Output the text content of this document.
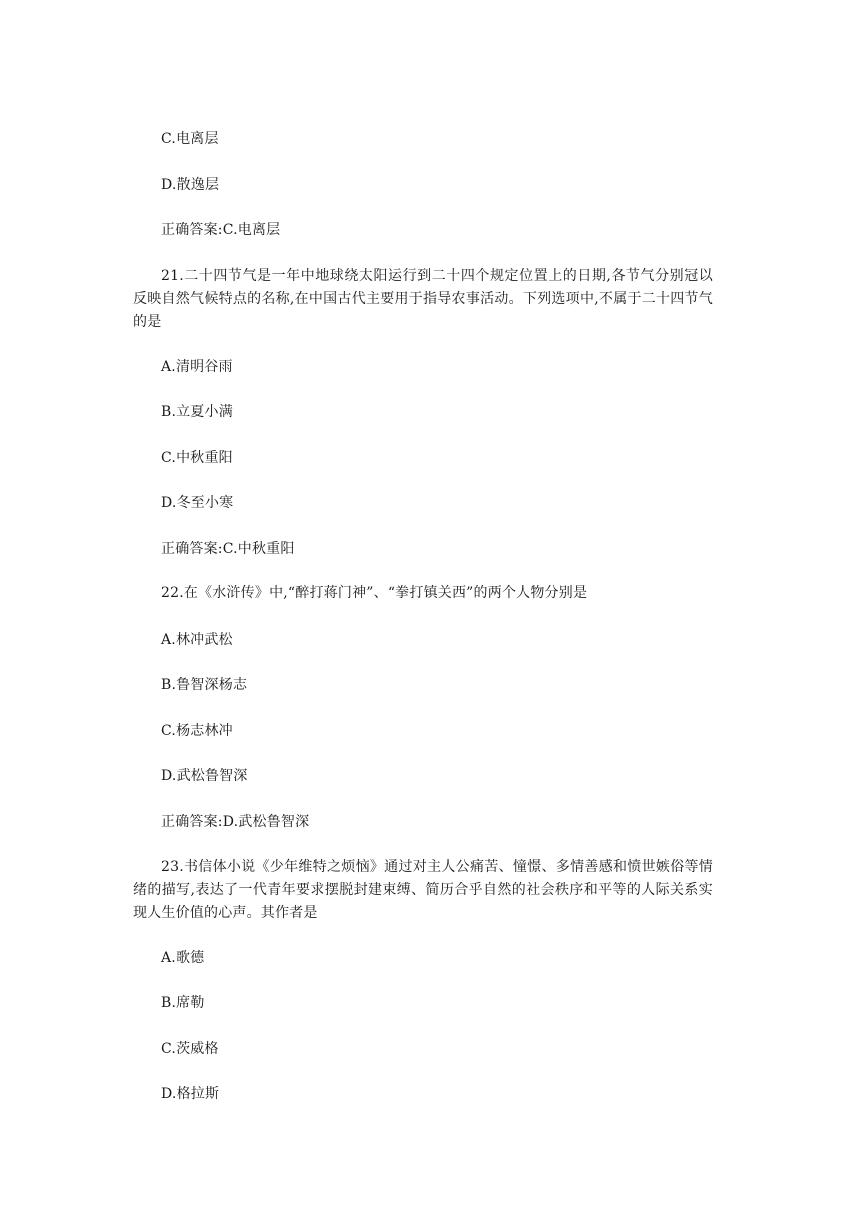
C.电离层
D.散逸层
正确答案:C.电离层

21.二十四节气是一年中地球绕太阳运行到二十四个规定位置上的日期,各节气分别冠以反映自然气候特点的名称,在中国古代主要用于指导农事活动。下列选项中,不属于二十四节气的是

A.清明谷雨
B.立夏小满
C.中秋重阳
D.冬至小寒
正确答案:C.中秋重阳

22.在《水浒传》中,“醉打蒋门神”、“拳打镇关西”的两个人物分别是

A.林冲武松
B.鲁智深杨志
C.杨志林冲
D.武松鲁智深
正确答案:D.武松鲁智深

23.书信体小说《少年维特之烦恼》通过对主人公痛苦、憧憬、多情善感和愤世嫉俗等情绪的描写,表达了一代青年要求摆脱封建束缚、简历合乎自然的社会秩序和平等的人际关系实现人生价值的心声。其作者是

A.歌德
B.席勒
C.茨威格
D.格拉斯
